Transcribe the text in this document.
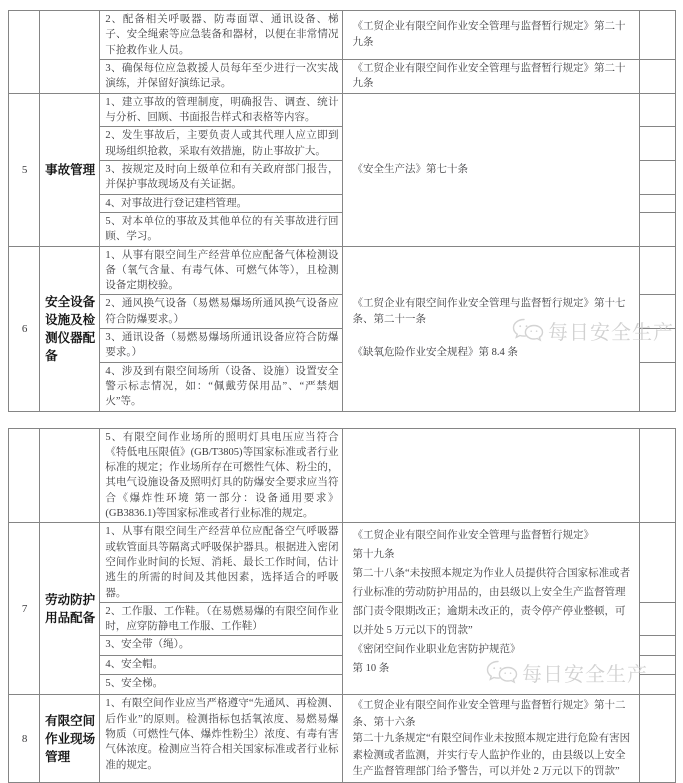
		2、配备相关呼吸器、防毒面罩、通讯设备、梯子、安全绳索等应急装备和器材，以便在非常情况下抢救作业人员。	《工贸企业有限空间作业安全管理与监督暂行规定》第二十九条	

		3、确保每位应急救援人员每年至少进行一次实战演练，并保留好演练记录。	《工贸企业有限空间作业安全管理与监督暂行规定》第二十九条	

5	事故管理	1、建立事故的管理制度，明确报告、调查、统计与分析、回顾、书面报告样式和表格等内容。	《安全生产法》第七十条	

		2、发生事故后，主要负责人或其代理人应立即到现场组织抢救，采取有效措施，防止事故扩大。		

		3、按规定及时向上级单位和有关政府部门报告，并保护事故现场及有关证据。		

		4、对事故进行登记建档管理。		

		5、对本单位的事故及其他单位的有关事故进行回顾、学习。		

6	安全设备设施及检测仪器配备	1、从事有限空间生产经营单位应配备气体检测设备（氧气含量、有毒气体、可燃气体等），且检测设备定期校验。	《工贸企业有限空间作业安全管理与监督暂行规定》第十七条、第二十一条
《缺氧危险作业安全规程》第 8.4 条	

		2、通风换气设备（易燃易爆场所通风换气设备应符合防爆要求。）		

		3、通讯设备（易燃易爆场所通讯设备应符合防爆要求。）		

		4、涉及到有限空间场所（设备、设施）设置安全警示标志情况，如：“佩戴劳保用品”、“严禁烟火”等。		

		5、有限空间作业场所的照明灯具电压应当符合《特低电压限值》(GB/T3805)等国家标准或者行业标准的规定；作业场所存在可燃性气体、粉尘的，其电气设施设备及照明灯具的防爆安全要求应当符合《爆炸性环境 第一部分：设备通用要求》(GB3836.1)等国家标准或者行业标准的规定。		

7	劳动防护用品配备	1、从事有限空间生产经营单位应配备空气呼吸器或软管面具等隔离式呼吸保护器具。根据进入密闭空间作业时间的长短、消耗、最长工作时间，估计逃生的所需的时间及其他因素，选择适合的呼吸器。	《工贸企业有限空间作业安全管理与监督暂行规定》
第十九条
第二十八条“未按照本规定为作业人员提供符合国家标准或者行业标准的劳动防护用品的，由县级以上安全生产监督管理部门责令限期改正；逾期未改正的，责令停产停业整顿，可以并处 5 万元以下的罚款”
《密闭空间作业职业危害防护规范》
第 10 条	

		2、工作服、工作鞋。（在易燃易爆的有限空间作业时，应穿防静电工作服、工作鞋）		

		3、安全带（绳）。		

		4、安全帽。		

		5、安全梯。		

8	有限空间作业现场管理	1、有限空间作业应当严格遵守“先通风、再检测、后作业”的原则。检测指标包括氧浓度、易燃易爆物质（可燃性气体、爆炸性粉尘）浓度、有毒有害气体浓度。检测应当符合相关国家标准或者行业标准的规定。	《工贸企业有限空间作业安全管理与监督暂行规定》第十二条、第十六条
第二十九条规定“有限空间作业未按照本规定进行危险有害因素检测或者监测，并实行专人监护作业的，由县级以上安全生产监督管理部门给予警告，可以并处 2 万元以下的罚款”	

每日安全生产
每日安全生产
